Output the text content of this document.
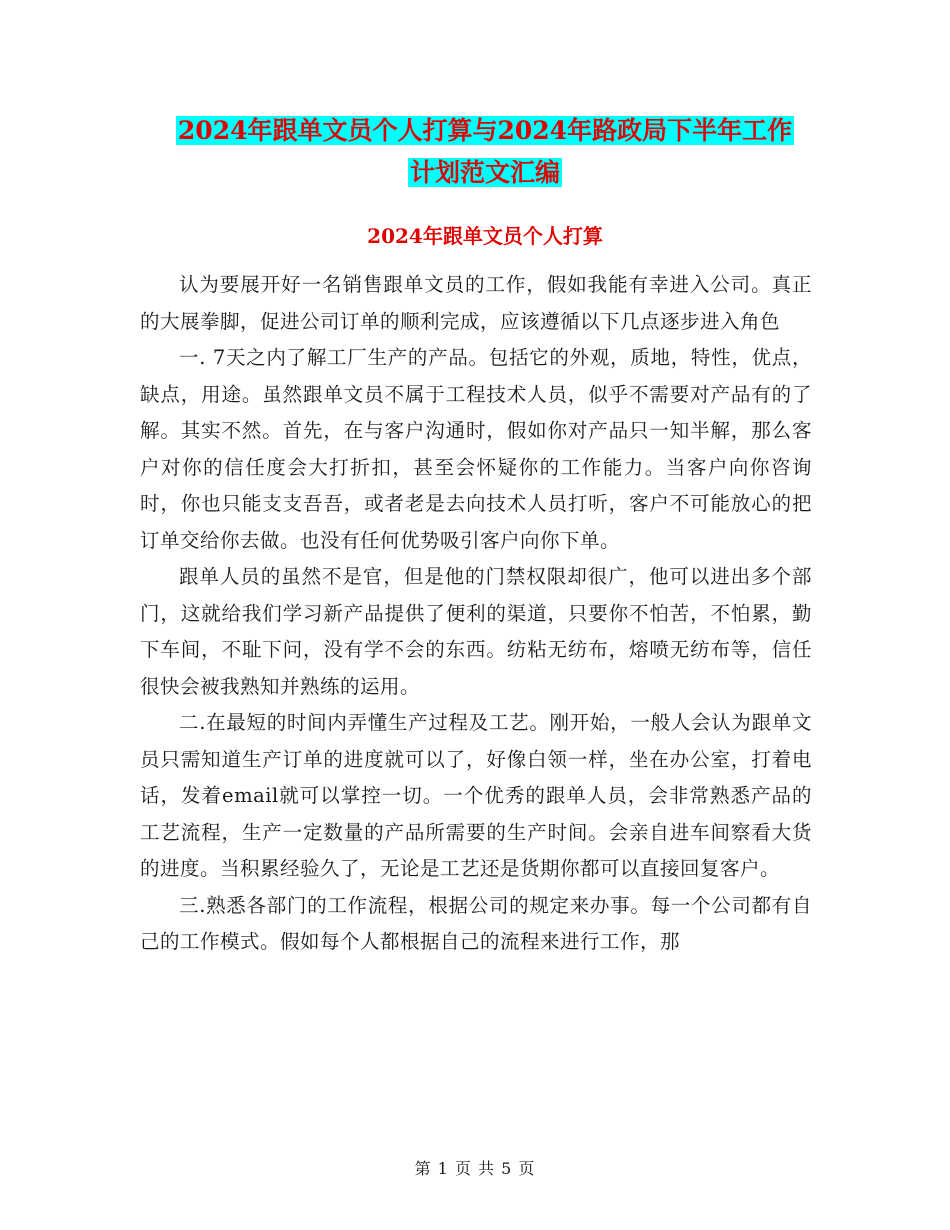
2024年跟单文员个人打算与2024年路政局下半年工作
计划范文汇编
2024年跟单文员个人打算

认为要展开好一名销售跟单文员的工作，假如我能有幸进入公司。真正的大展拳脚，促进公司订单的顺利完成，应该遵循以下几点逐步进入角色

一. 7天之内了解工厂生产的产品。包括它的外观，质地，特性，优点，缺点，用途。虽然跟单文员不属于工程技术人员，似乎不需要对产品有的了解。其实不然。首先，在与客户沟通时，假如你对产品只一知半解，那么客户对你的信任度会大打折扣，甚至会怀疑你的工作能力。当客户向你咨询时，你也只能支支吾吾，或者老是去向技术人员打听，客户不可能放心的把订单交给你去做。也没有任何优势吸引客户向你下单。

跟单人员的虽然不是官，但是他的门禁权限却很广，他可以进出多个部门，这就给我们学习新产品提供了便利的渠道，只要你不怕苦，不怕累，勤下车间，不耻下问，没有学不会的东西。纺粘无纺布，熔喷无纺布等，信任很快会被我熟知并熟练的运用。

二.在最短的时间内弄懂生产过程及工艺。刚开始，一般人会认为跟单文员只需知道生产订单的进度就可以了，好像白领一样，坐在办公室，打着电话，发着email就可以掌控一切。一个优秀的跟单人员，会非常熟悉产品的工艺流程，生产一定数量的产品所需要的生产时间。会亲自进车间察看大货的进度。当积累经验久了，无论是工艺还是货期你都可以直接回复客户。

三.熟悉各部门的工作流程，根据公司的规定来办事。每一个公司都有自己的工作模式。假如每个人都根据自己的流程来进行工作，那

第 1 页 共 5 页
